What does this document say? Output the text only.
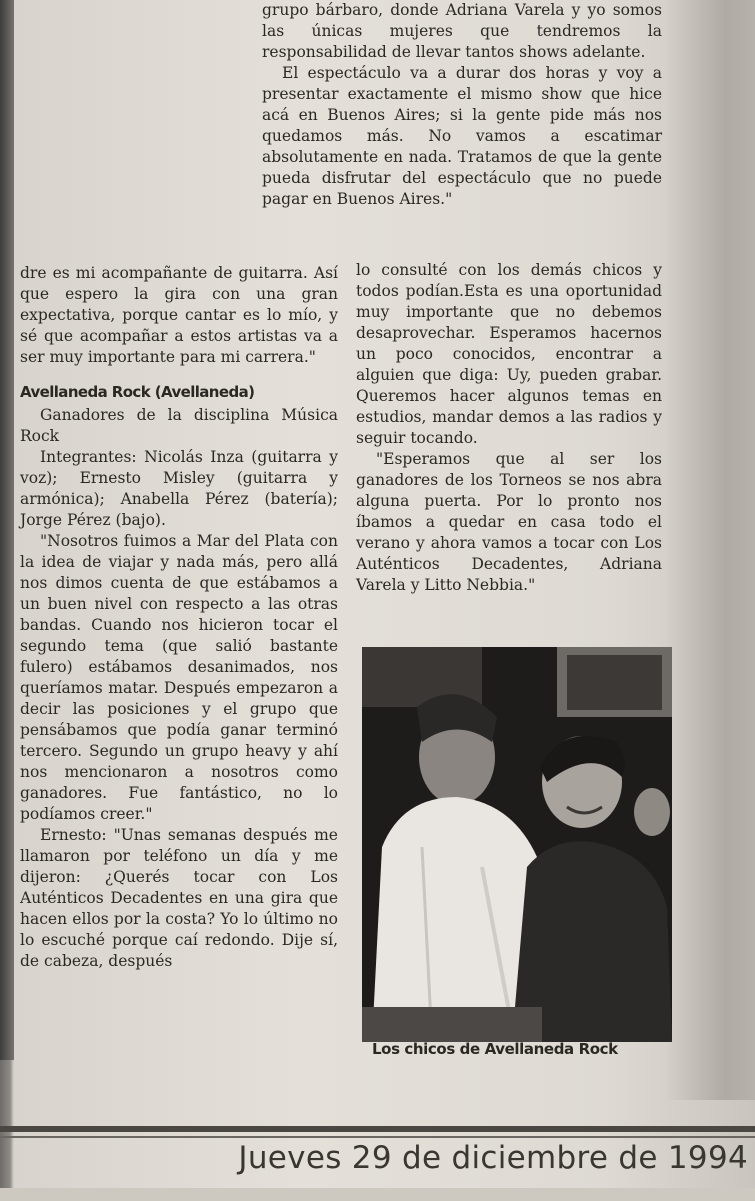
grupo bárbaro, donde Adriana Varela y yo somos las únicas mujeres que tendremos la responsabilidad de llevar tantos shows adelante.

El espectáculo va a durar dos horas y voy a presentar exactamente el mismo show que hice acá en Buenos Aires; si la gente pide más nos quedamos más. No vamos a escatimar absolutamente en nada. Tratamos de que la gente pueda disfrutar del espectáculo que no puede pagar en Buenos Aires."

dre es mi acompañante de guitarra. Así que espero la gira con una gran expectativa, porque cantar es lo mío, y sé que acompañar a estos artistas va a ser muy importante para mi carrera."

Avellaneda Rock (Avellaneda)

Ganadores de la disciplina Música Rock

Integrantes: Nicolás Inza (guitarra y voz); Ernesto Misley (guitarra y armónica); Anabella Pérez (batería); Jorge Pérez (bajo).

"Nosotros fuimos a Mar del Plata con la idea de viajar y nada más, pero allá nos dimos cuenta de que estábamos a un buen nivel con respecto a las otras bandas. Cuando nos hicieron tocar el segundo tema (que salió bastante fulero) estábamos desanimados, nos queríamos matar. Después empezaron a decir las posiciones y el grupo que pensábamos que podía ganar terminó tercero. Segundo un grupo heavy y ahí nos mencionaron a nosotros como ganadores. Fue fantástico, no lo podíamos creer."

Ernesto: "Unas semanas después me llamaron por teléfono un día y me dijeron: ¿Querés tocar con Los Auténticos Decadentes en una gira que hacen ellos por la costa? Yo lo último no lo escuché porque caí redondo. Dije sí, de cabeza, después

lo consulté con los demás chicos y todos podían.Esta es una oportunidad muy importante que no debemos desaprovechar. Esperamos hacernos un poco conocidos, encontrar a alguien que diga: Uy, pueden grabar. Queremos hacer algunos temas en estudios, mandar demos a las radios y seguir tocando.

"Esperamos que al ser los ganadores de los Torneos se nos abra alguna puerta. Por lo pronto nos íbamos a quedar en casa todo el verano y ahora vamos a tocar con Los Auténticos Decadentes, Adriana Varela y Litto Nebbia."

Los chicos de Avellaneda Rock
Jueves 29 de diciembre de 1994
